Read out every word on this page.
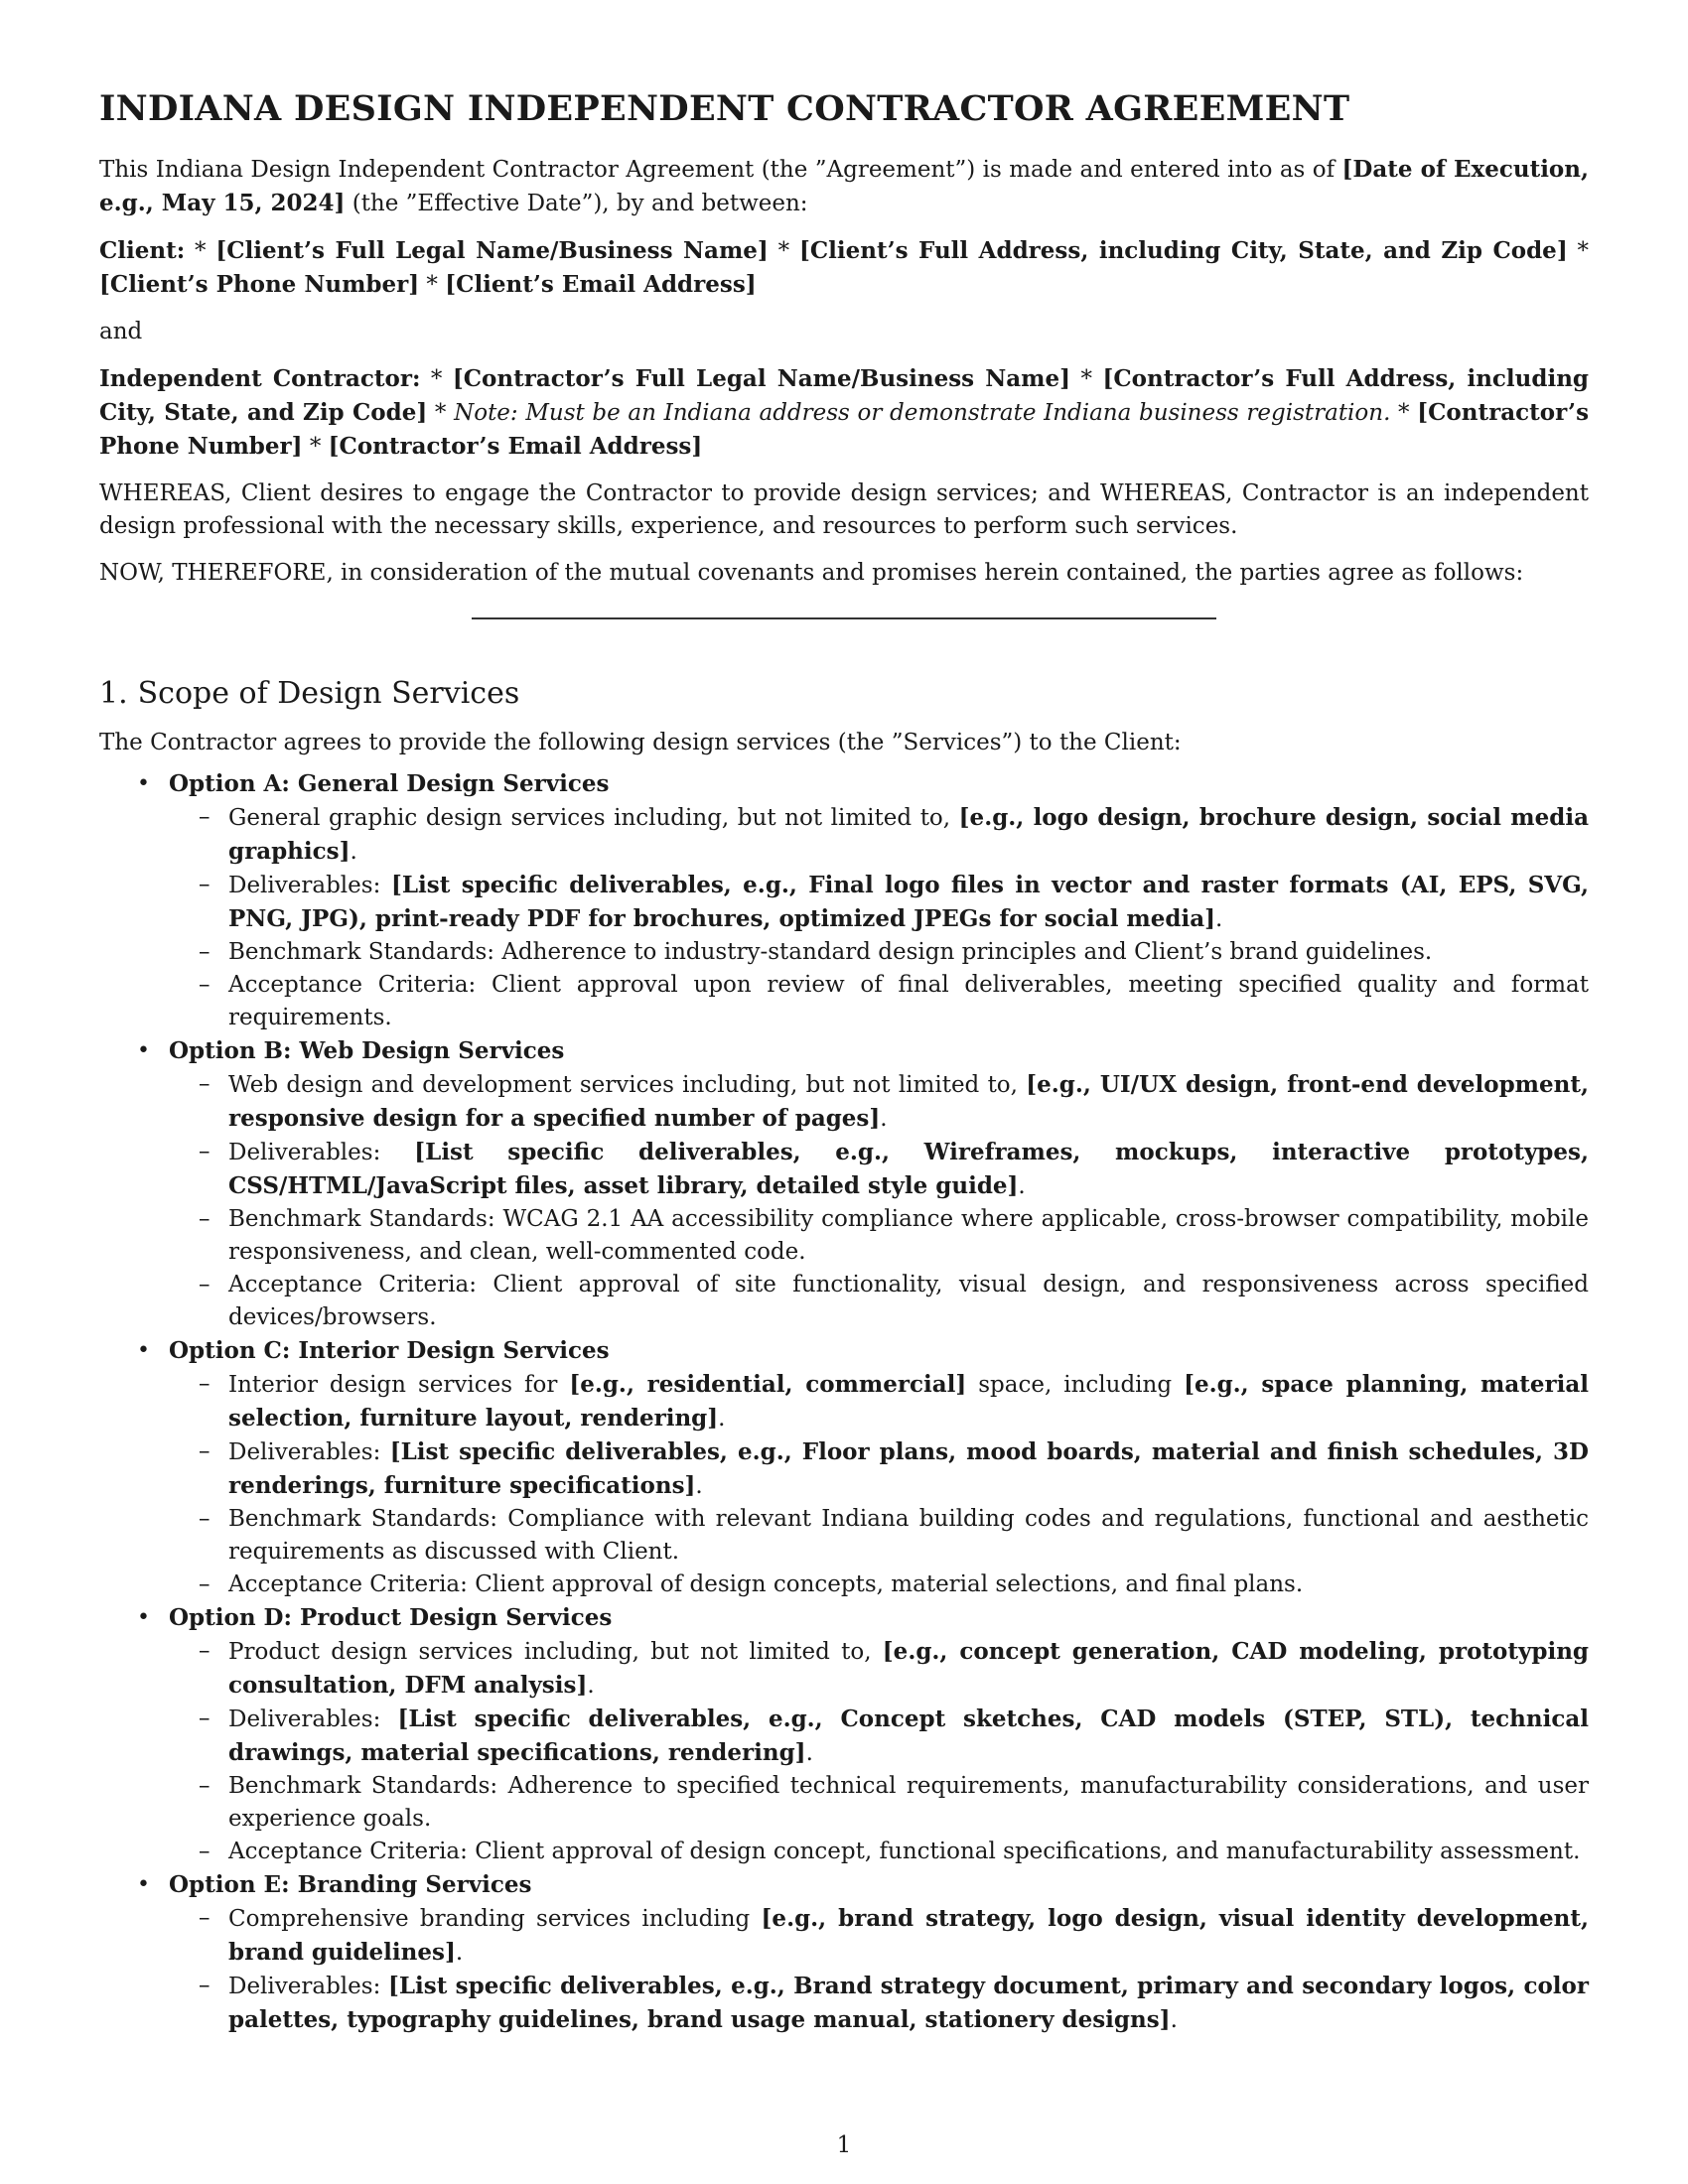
INDIANA DESIGN INDEPENDENT CONTRACTOR AGREEMENT

This Indiana Design Independent Contractor Agreement (the ”Agreement”) is made and entered into as of [Date of Execution, e.g., May 15, 2024] (the ”Effective Date”), by and between:

Client: * [Client’s Full Legal Name/Business Name] * [Client’s Full Address, including City, State, and Zip Code] * [Client’s Phone Number] * [Client’s Email Address]

and

Independent Contractor: * [Contractor’s Full Legal Name/Business Name] * [Contractor’s Full Address, including City, State, and Zip Code] * Note: Must be an Indiana address or demonstrate Indiana business registration. * [Contractor’s Phone Number] * [Contractor’s Email Address]

WHEREAS, Client desires to engage the Contractor to provide design services; and WHEREAS, Contractor is an independent design professional with the necessary skills, experience, and resources to perform such services.

NOW, THEREFORE, in consideration of the mutual covenants and promises herein contained, the parties agree as follows:

1. Scope of Design Services

The Contractor agrees to provide the following design services (the ”Services”) to the Client:

• Option A: General Design Services
– General graphic design services including, but not limited to, [e.g., logo design, brochure design, social media graphics].
– Deliverables: [List specific deliverables, e.g., Final logo files in vector and raster formats (AI, EPS, SVG, PNG, JPG), print-ready PDF for brochures, optimized JPEGs for social media].
– Benchmark Standards: Adherence to industry-standard design principles and Client’s brand guidelines.
– Acceptance Criteria: Client approval upon review of final deliverables, meeting specified quality and format requirements.
• Option B: Web Design Services
– Web design and development services including, but not limited to, [e.g., UI/UX design, front-end development, responsive design for a specified number of pages].
– Deliverables: [List specific deliverables, e.g., Wireframes, mockups, interactive prototypes, CSS/HTML/JavaScript files, asset library, detailed style guide].
– Benchmark Standards: WCAG 2.1 AA accessibility compliance where applicable, cross-browser compatibility, mobile responsiveness, and clean, well-commented code.
– Acceptance Criteria: Client approval of site functionality, visual design, and responsiveness across specified devices/browsers.
• Option C: Interior Design Services
– Interior design services for [e.g., residential, commercial] space, including [e.g., space planning, material selection, furniture layout, rendering].
– Deliverables: [List specific deliverables, e.g., Floor plans, mood boards, material and finish schedules, 3D renderings, furniture specifications].
– Benchmark Standards: Compliance with relevant Indiana building codes and regulations, functional and aesthetic requirements as discussed with Client.
– Acceptance Criteria: Client approval of design concepts, material selections, and final plans.
• Option D: Product Design Services
– Product design services including, but not limited to, [e.g., concept generation, CAD modeling, prototyping consultation, DFM analysis].
– Deliverables: [List specific deliverables, e.g., Concept sketches, CAD models (STEP, STL), technical drawings, material specifications, rendering].
– Benchmark Standards: Adherence to specified technical requirements, manufacturability considerations, and user experience goals.
– Acceptance Criteria: Client approval of design concept, functional specifications, and manufacturability assessment.
• Option E: Branding Services
– Comprehensive branding services including [e.g., brand strategy, logo design, visual identity development, brand guidelines].
– Deliverables: [List specific deliverables, e.g., Brand strategy document, primary and secondary logos, color palettes, typography guidelines, brand usage manual, stationery designs].
1
